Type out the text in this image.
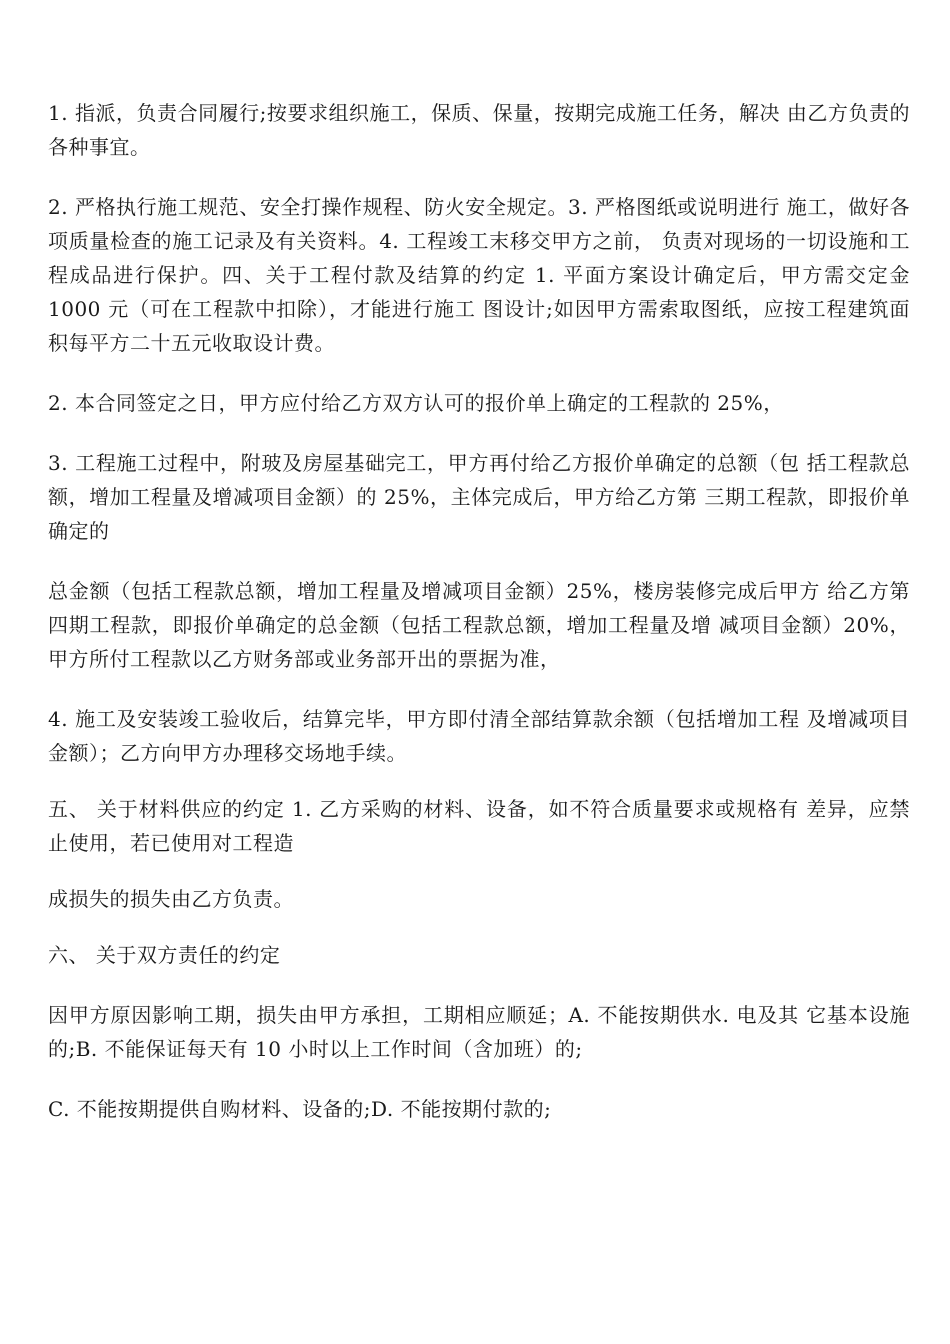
1. 指派，负责合同履行;按要求组织施工，保质、保量，按期完成施工任务，解决 由乙方负责的各种事宜。

2. 严格执行施工规范、安全打操作规程、防火安全规定。3. 严格图纸或说明进行 施工，做好各项质量检查的施工记录及有关资料。4. 工程竣工末移交甲方之前， 负责对现场的一切设施和工程成品进行保护。四、关于工程付款及结算的约定 1. 平面方案设计确定后，甲方需交定金 1000 元（可在工程款中扣除），才能进行施工 图设计;如因甲方需索取图纸，应按工程建筑面积每平方二十五元收取设计费。

2. 本合同签定之日，甲方应付给乙方双方认可的报价单上确定的工程款的 25%，

3. 工程施工过程中，附玻及房屋基础完工，甲方再付给乙方报价单确定的总额（包 括工程款总额，增加工程量及增减项目金额）的 25%，主体完成后，甲方给乙方第 三期工程款，即报价单确定的

总金额（包括工程款总额，增加工程量及增减项目金额）25%，楼房装修完成后甲方 给乙方第四期工程款，即报价单确定的总金额（包括工程款总额，增加工程量及增 减项目金额）20%，甲方所付工程款以乙方财务部或业务部开出的票据为准，

4. 施工及安装竣工验收后，结算完毕，甲方即付清全部结算款余额（包括增加工程 及增减项目金额）；乙方向甲方办理移交场地手续。

五、 关于材料供应的约定 1. 乙方采购的材料、设备，如不符合质量要求或规格有 差异，应禁止使用，若已使用对工程造

成损失的损失由乙方负责。

六、 关于双方责任的约定

因甲方原因影响工期，损失由甲方承担，工期相应顺延；A. 不能按期供水. 电及其 它基本设施的;B. 不能保证每天有 10 小时以上工作时间（含加班）的;

C. 不能按期提供自购材料、设备的;D. 不能按期付款的;
